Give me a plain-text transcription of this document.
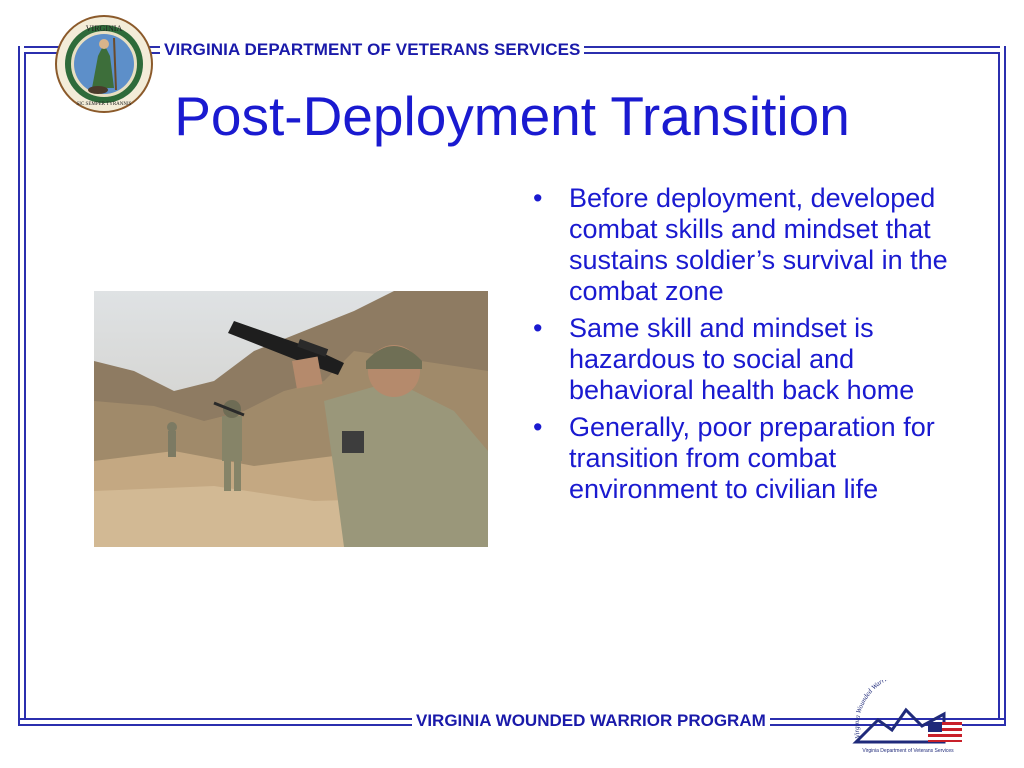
VIRGINIA
SIC SEMPER TYRANNIS
VIRGINIA DEPARTMENT OF VETERANS SERVICES
Post-Deployment Transition
• Before deployment, developed combat skills and mindset that sustains soldier’s survival in the combat zone
• Same skill and mindset is hazardous to social and behavioral health back home
• Generally, poor preparation for transition from combat environment to civilian life
VIRGINIA WOUNDED WARRIOR PROGRAM
Virginia Wounded Warr
Virginia Department of Veterans Services
